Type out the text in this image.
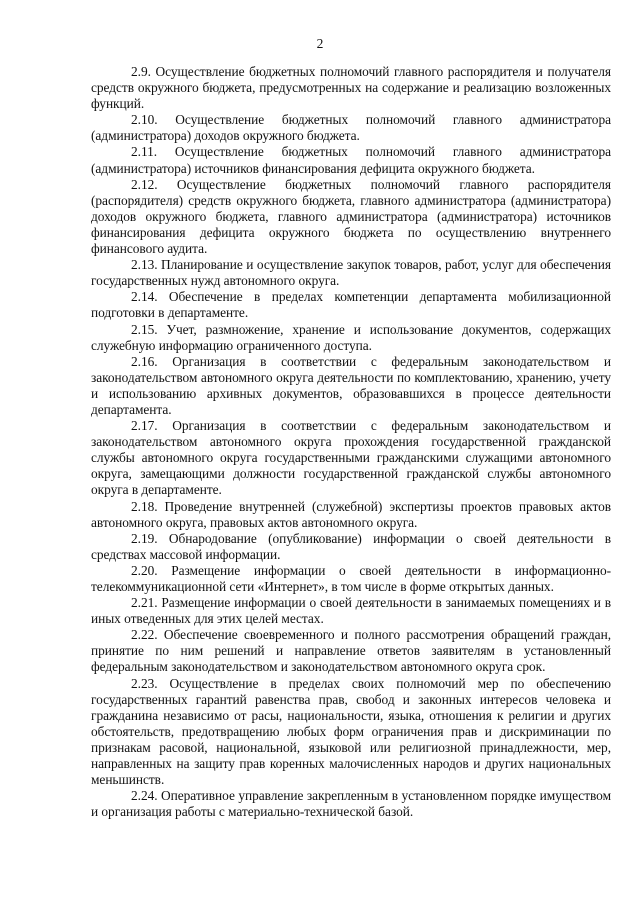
2

2.9. Осуществление бюджетных полномочий главного распорядителя и получателя средств окружного бюджета, предусмотренных на содержание и реализацию возложенных функций.

2.10. Осуществление бюджетных полномочий главного администратора (администратора) доходов окружного бюджета.

2.11. Осуществление бюджетных полномочий главного администратора (администратора) источников финансирования дефицита окружного бюджета.

2.12. Осуществление бюджетных полномочий главного распорядителя (распорядителя) средств окружного бюджета, главного администратора (администратора) доходов окружного бюджета, главного администратора (администратора) источников финансирования дефицита окружного бюджета по осуществлению внутреннего финансового аудита.

2.13. Планирование и осуществление закупок товаров, работ, услуг для обеспечения государственных нужд автономного округа.

2.14. Обеспечение в пределах компетенции департамента мобилизационной подготовки в департаменте.

2.15. Учет, размножение, хранение и использование документов, содержащих служебную информацию ограниченного доступа.

2.16. Организация в соответствии с федеральным законодательством и законодательством автономного округа деятельности по комплектованию, хранению, учету и использованию архивных документов, образовавшихся в процессе деятельности департамента.

2.17. Организация в соответствии с федеральным законодательством и законодательством автономного округа прохождения государственной гражданской службы автономного округа государственными гражданскими служащими автономного округа, замещающими должности государственной гражданской службы автономного округа в департаменте.

2.18. Проведение внутренней (служебной) экспертизы проектов правовых актов автономного округа, правовых актов автономного округа.

2.19. Обнародование (опубликование) информации о своей деятельности в средствах массовой информации.

2.20. Размещение информации о своей деятельности в информационно-телекоммуникационной сети «Интернет», в том числе в форме открытых данных.

2.21. Размещение информации о своей деятельности в занимаемых помещениях и в иных отведенных для этих целей местах.

2.22. Обеспечение своевременного и полного рассмотрения обращений граждан, принятие по ним решений и направление ответов заявителям в установленный федеральным законодательством и законодательством автономного округа срок.

2.23. Осуществление в пределах своих полномочий мер по обеспечению государственных гарантий равенства прав, свобод и законных интересов человека и гражданина независимо от расы, национальности, языка, отношения к религии и других обстоятельств, предотвращению любых форм ограничения прав и дискриминации по признакам расовой, национальной, языковой или религиозной принадлежности, мер, направленных на защиту прав коренных малочисленных народов и других национальных меньшинств.

2.24. Оперативное управление закрепленным в установленном порядке имуществом и организация работы с материально-технической базой.
